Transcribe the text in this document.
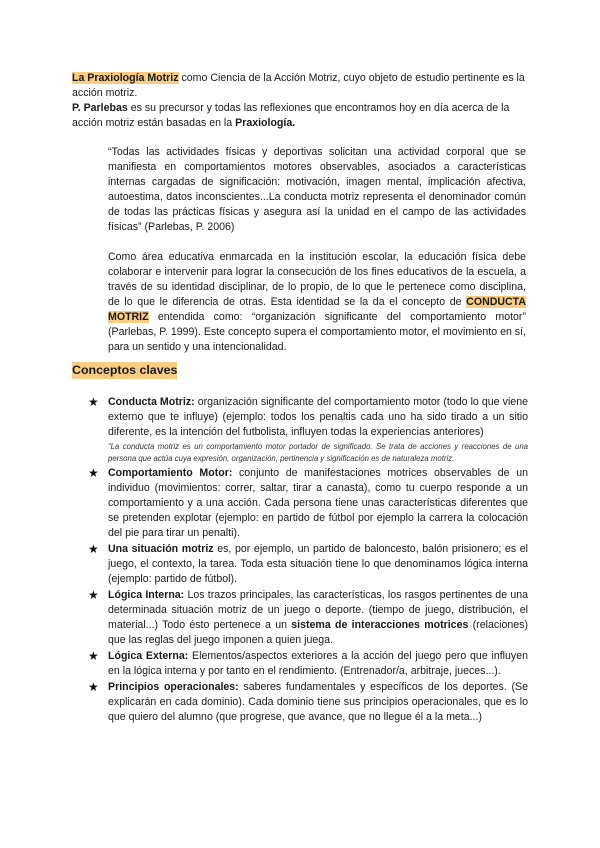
La Praxiología Motriz como Ciencia de la Acción Motriz, cuyo objeto de estudio pertinente es la acción motriz.

P. Parlebas es su precursor y todas las reflexiones que encontramos hoy en día acerca de la acción motriz están basadas en la Praxiología.

“Todas las actividades físicas y deportivas solicitan una actividad corporal que se manifiesta en comportamientos motores observables, asociados a características internas cargadas de significación: motivación, imagen mental, implicación afectiva, autoestima, datos inconscientes...La conducta motriz representa el denominador común de todas las prácticas físicas y asegura así la unidad en el campo de las actividades físicas” (Parlebas, P. 2006)
Como área educativa enmarcada en la institución escolar, la educación física debe colaborar e intervenir para lograr la consecución de los fines educativos de la escuela, a través de su identidad disciplinar, de lo propio, de lo que le pertenece como disciplina, de lo que le diferencia de otras. Esta identidad se la da el concepto de CONDUCTA MOTRIZ entendida como: “organización significante del comportamiento motor” (Parlebas, P. 1999). Este concepto supera el comportamiento motor, el movimiento en sí, para un sentido y una intencionalidad.
Conceptos claves
★ Conducta Motriz: organización significante del comportamiento motor (todo lo que viene externo que te influye) (ejemplo: todos los penaltis cada uno ha sido tirado a un sitio diferente, es la intención del futbolista, influyen todas la experiencias anteriores)
“La conducta motriz es un comportamiento motor portador de significado. Se trata de acciones y reacciones de una persona que actúa cuya expresión, organización, pertinencia y significación es de naturaleza motriz.
★ Comportamiento Motor: conjunto de manifestaciones motrices observables de un individuo (movimientos: correr, saltar, tirar a canasta), como tu cuerpo responde a un comportamiento y a una acción. Cada persona tiene unas características diferentes que se pretenden explotar (ejemplo: en partido de fútbol por ejemplo la carrera la colocación del pie para tirar un penalti).
★ Una situación motriz es, por ejemplo, un partido de baloncesto, balón prisionero; es el juego, el contexto, la tarea. Toda esta situación tiene lo que denominamos lógica interna (ejemplo: partido de fútbol).
★ Lógica Interna: Los trazos principales, las características, los rasgos pertinentes de una determinada situación motriz de un juego o deporte. (tiempo de juego, distribución, el material...) Todo ésto pertenece a un sistema de interacciones motrices (relaciones) que las reglas del juego imponen a quien juega.
★ Lógica Externa: Elementos/aspectos exteriores a la acción del juego pero que influyen en la lógica interna y por tanto en el rendimiento. (Entrenador/a, arbitraje, jueces...).
★ Principios operacionales: saberes fundamentales y específicos de los deportes. (Se explicarán en cada dominio). Cada dominio tiene sus principios operacionales, que es lo que quiero del alumno (que progrese, que avance, que no llegue él a la meta...)
